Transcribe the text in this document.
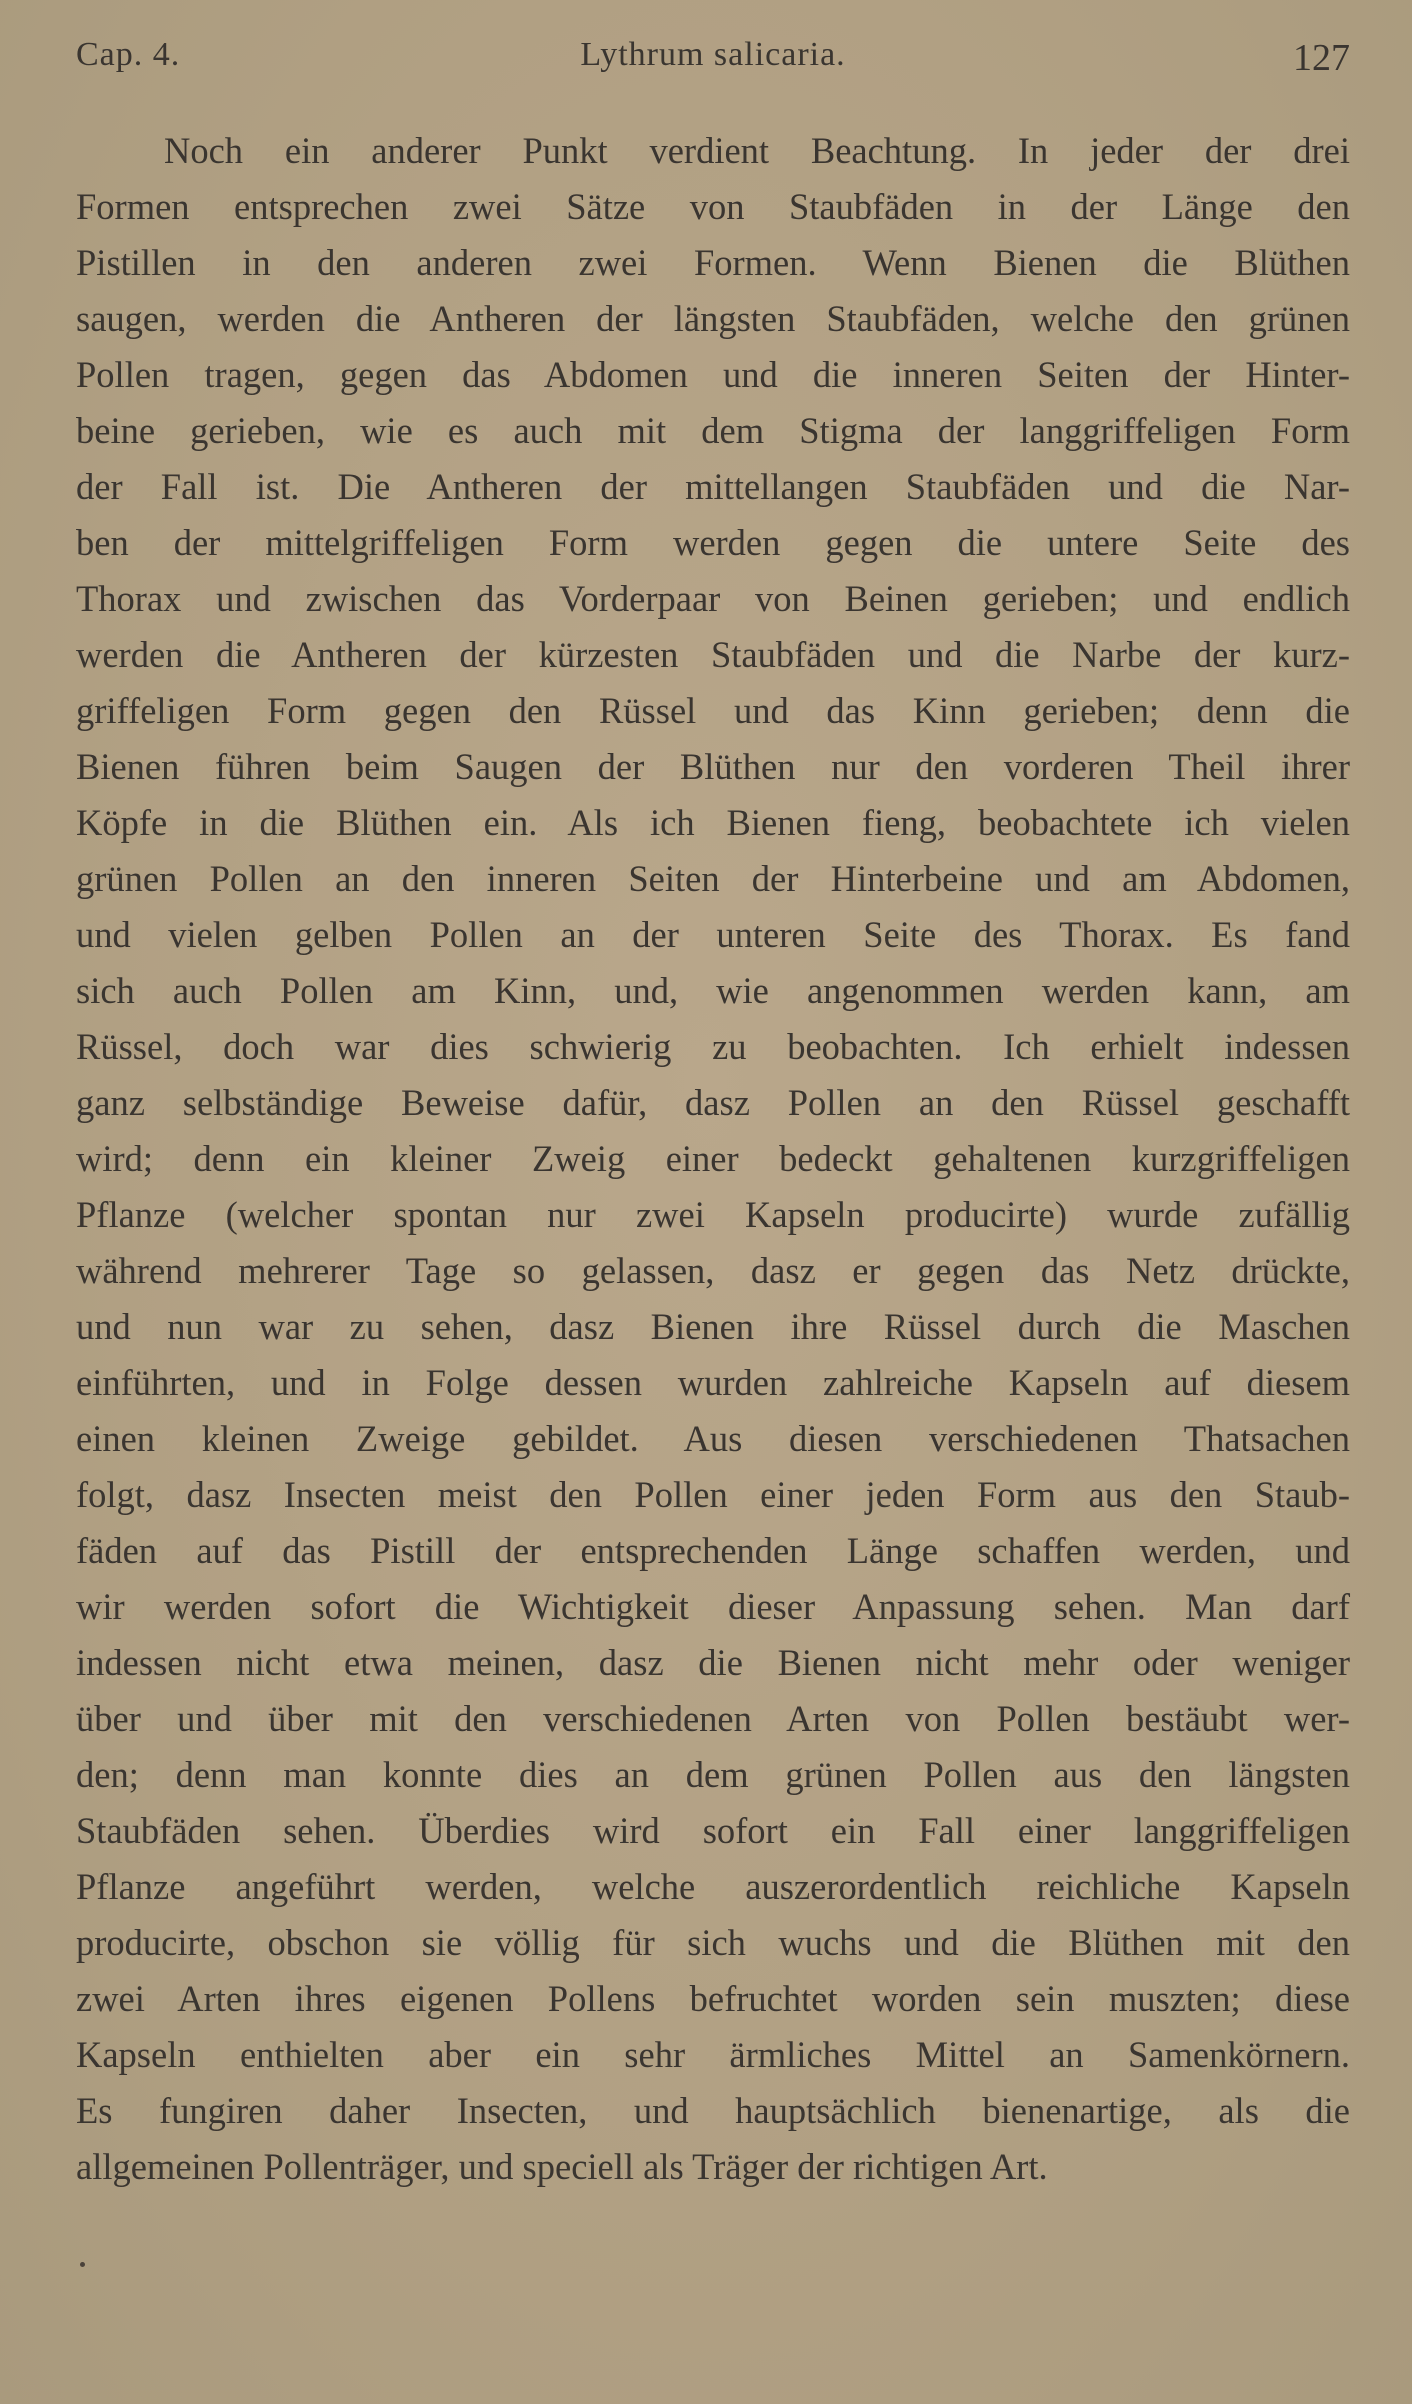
Cap. 4.	Lythrum salicaria.	127
Noch ein anderer Punkt verdient Beachtung. In jeder der drei
Formen entsprechen zwei Sätze von Staubfäden in der Länge den
Pistillen in den anderen zwei Formen. Wenn Bienen die Blüthen
saugen, werden die Antheren der längsten Staubfäden, welche den grünen
Pollen tragen, gegen das Abdomen und die inneren Seiten der Hinter-
beine gerieben, wie es auch mit dem Stigma der langgriffeligen Form
der Fall ist. Die Antheren der mittellangen Staubfäden und die Nar-
ben der mittelgriffeligen Form werden gegen die untere Seite des
Thorax und zwischen das Vorderpaar von Beinen gerieben; und endlich
werden die Antheren der kürzesten Staubfäden und die Narbe der kurz-
griffeligen Form gegen den Rüssel und das Kinn gerieben; denn die
Bienen führen beim Saugen der Blüthen nur den vorderen Theil ihrer
Köpfe in die Blüthen ein. Als ich Bienen fieng, beobachtete ich vielen
grünen Pollen an den inneren Seiten der Hinterbeine und am Abdomen,
und vielen gelben Pollen an der unteren Seite des Thorax. Es fand
sich auch Pollen am Kinn, und, wie angenommen werden kann, am
Rüssel, doch war dies schwierig zu beobachten. Ich erhielt indessen
ganz selbständige Beweise dafür, dasz Pollen an den Rüssel geschafft
wird; denn ein kleiner Zweig einer bedeckt gehaltenen kurzgriffeligen
Pflanze (welcher spontan nur zwei Kapseln producirte) wurde zufällig
während mehrerer Tage so gelassen, dasz er gegen das Netz drückte,
und nun war zu sehen, dasz Bienen ihre Rüssel durch die Maschen
einführten, und in Folge dessen wurden zahlreiche Kapseln auf diesem
einen kleinen Zweige gebildet. Aus diesen verschiedenen Thatsachen
folgt, dasz Insecten meist den Pollen einer jeden Form aus den Staub-
fäden auf das Pistill der entsprechenden Länge schaffen werden, und
wir werden sofort die Wichtigkeit dieser Anpassung sehen. Man darf
indessen nicht etwa meinen, dasz die Bienen nicht mehr oder weniger
über und über mit den verschiedenen Arten von Pollen bestäubt wer-
den; denn man konnte dies an dem grünen Pollen aus den längsten
Staubfäden sehen. Überdies wird sofort ein Fall einer langgriffeligen
Pflanze angeführt werden, welche auszerordentlich reichliche Kapseln
producirte, obschon sie völlig für sich wuchs und die Blüthen mit den
zwei Arten ihres eigenen Pollens befruchtet worden sein muszten; diese
Kapseln enthielten aber ein sehr ärmliches Mittel an Samenkörnern.
Es fungiren daher Insecten, und hauptsächlich bienenartige, als die
allgemeinen Pollenträger, und speciell als Träger der richtigen Art.
